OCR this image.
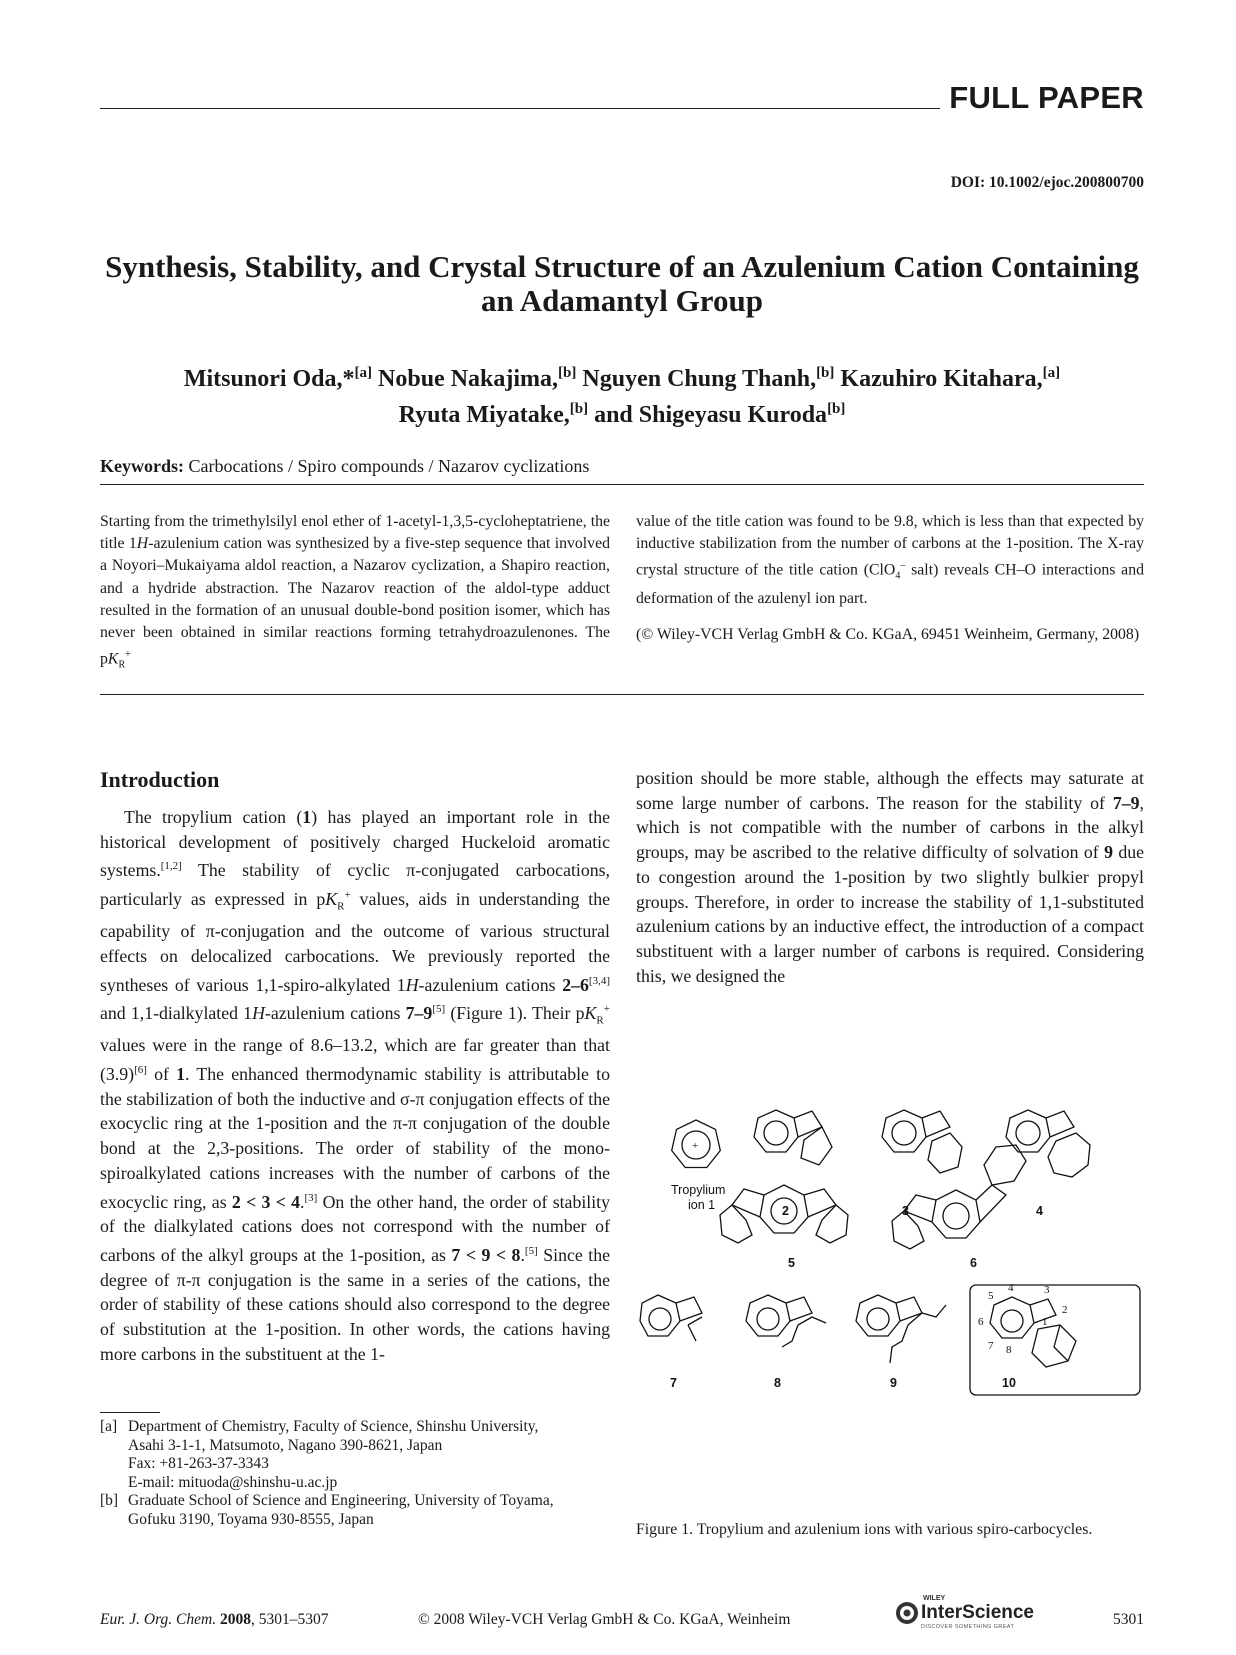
FULL PAPER
DOI: 10.1002/ejoc.200800700
Synthesis, Stability, and Crystal Structure of an Azulenium Cation Containing an Adamantyl Group
Mitsunori Oda,*[a] Nobue Nakajima,[b] Nguyen Chung Thanh,[b] Kazuhiro Kitahara,[a]
Ryuta Miyatake,[b] and Shigeyasu Kuroda[b]
Keywords: Carbocations / Spiro compounds / Nazarov cyclizations
Starting from the trimethylsilyl enol ether of 1-acetyl-1,3,5-cycloheptatriene, the title 1H-azulenium cation was synthesized by a five-step sequence that involved a Noyori–Mukaiyama aldol reaction, a Nazarov cyclization, a Shapiro reaction, and a hydride abstraction. The Nazarov reaction of the aldol-type adduct resulted in the formation of an unusual double-bond position isomer, which has never been obtained in similar reactions forming tetrahydroazulenones. The $pK_R^+$
value of the title cation was found to be 9.8, which is less than that expected by inductive stabilization from the number of carbons at the 1-position. The X-ray crystal structure of the title cation (ClO$_4$– salt) reveals CH–O interactions and deformation of the azulenyl ion part.
(© Wiley-VCH Verlag GmbH & Co. KGaA, 69451 Weinheim, Germany, 2008)
Introduction
The tropylium cation (1) has played an important role in the historical development of positively charged Huckeloid aromatic systems.[1,2] The stability of cyclic π-conjugated carbocations, particularly as expressed in $pK_R^+$ values, aids in understanding the capability of π-conjugation and the outcome of various structural effects on delocalized carbocations. We previously reported the syntheses of various 1,1-spiro-alkylated 1H-azulenium cations 2–6[3,4] and 1,1-dialkylated 1H-azulenium cations 7–9[5] (Figure 1). Their $pK_R^+$ values were in the range of 8.6–13.2, which are far greater than that (3.9)[6] of 1. The enhanced thermodynamic stability is attributable to the stabilization of both the inductive and σ-π conjugation effects of the exocyclic ring at the 1-position and the π-π conjugation of the double bond at the 2,3-positions. The order of stability of the mono-spiroalkylated cations increases with the number of carbons of the exocyclic ring, as 2 < 3 < 4.[3] On the other hand, the order of stability of the dialkylated cations does not correspond with the number of carbons of the alkyl groups at the 1-position, as 7 < 9 < 8.[5] Since the degree of π-π conjugation is the same in a series of the cations, the order of stability of these cations should also correspond to the degree of substitution at the 1-position. In other words, the cations having more carbons in the substituent at the 1-
position should be more stable, although the effects may saturate at some large number of carbons. The reason for the stability of 7–9, which is not compatible with the number of carbons in the alkyl groups, may be ascribed to the relative difficulty of solvation of 9 due to congestion around the 1-position by two slightly bulkier propyl groups. Therefore, in order to increase the stability of 1,1-substituted azulenium cations by an inductive effect, the introduction of a compact substituent with a larger number of carbons is required. Considering this, we designed the
[a] Department of Chemistry, Faculty of Science, Shinshu University,
Asahi 3-1-1, Matsumoto, Nagano 390-8621, Japan
Fax: +81-263-37-3343
E-mail: mituoda@shinshu-u.ac.jp
[b] Graduate School of Science and Engineering, University of Toyama,
Gofuku 3190, Toyama 930-8555, Japan
+
Tropylium
ion 1	2	3	4
5	6
7	8	9
1
2
3
4
5
6
7 8
10
Figure 1. Tropylium and azulenium ions with various spiro-carbocycles.
Eur. J. Org. Chem. 2008, 5301–5307	© 2008 Wiley-VCH Verlag GmbH & Co. KGaA, Weinheim
WILEY
InterScience
DISCOVER SOMETHING GREAT	5301
